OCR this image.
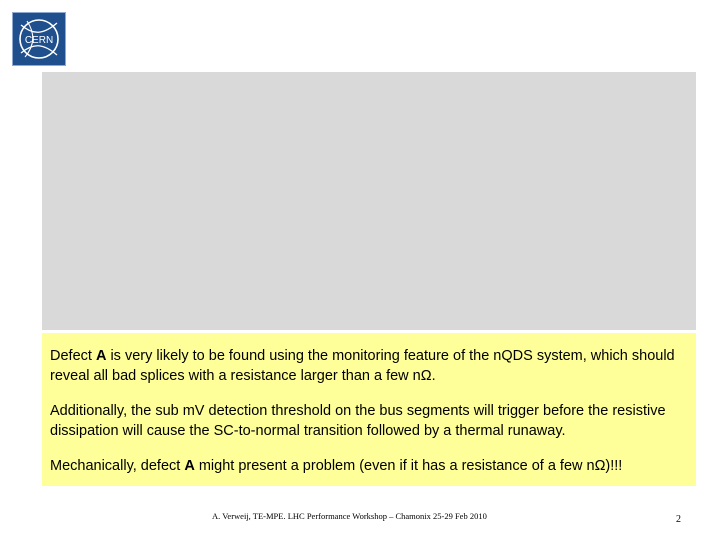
CERN

Defect A is very likely to be found using the monitoring feature of the nQDS system, which should reveal all bad splices with a resistance larger than a few nΩ.

Additionally, the sub mV detection threshold on the bus segments will trigger before the resistive dissipation will cause the SC-to-normal transition followed by a thermal runaway.

Mechanically, defect A might present a problem (even if it has a resistance of a few nΩ)!!!

A. Verweij, TE-MPE. LHC Performance Workshop – Chamonix 25-29 Feb 2010	2
